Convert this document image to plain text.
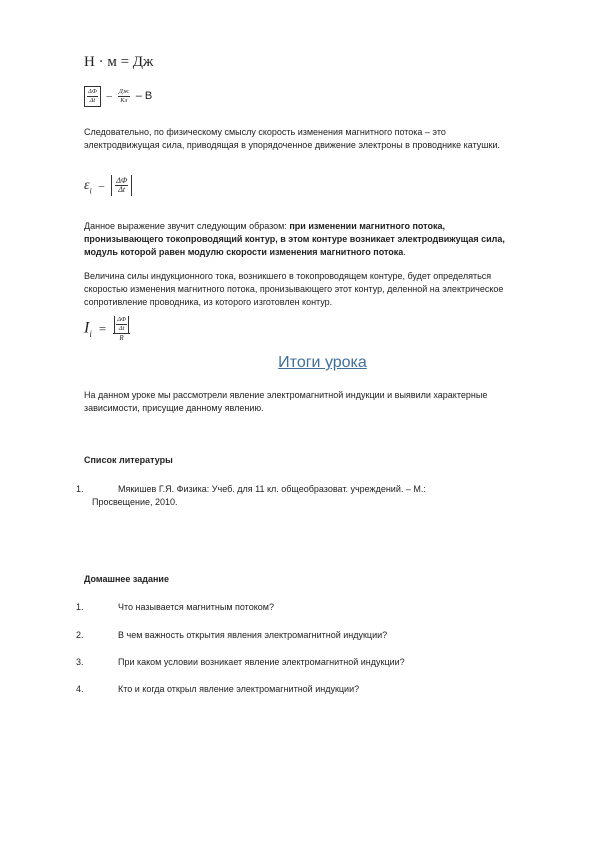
Н · м = Дж
$\frac{\Delta\Phi}{\Delta t} - \frac{Дж}{Кл}$ – В
Следовательно, по физическому смыслу скорость изменения магнитного потока – это электродвижущая сила, приводящая в упорядоченное движение электроны в проводнике катушки.
$\varepsilon_i - \frac{\Delta\Phi}{\Delta t}$
Данное выражение звучит следующим образом: при изменении магнитного потока, пронизывающего токопроводящий контур, в этом контуре возникает электродвижущая сила, модуль которой равен модулю скорости изменения магнитного потока.
Величина силы индукционного тока, возникшего в токопроводящем контуре, будет определяться скоростью изменения магнитного потока, пронизывающего этот контур, деленной на электрическое сопротивление проводника, из которого изготовлен контур.
$I_i = \frac{\frac{\Delta\Phi}{\Delta t}}{R}$
Итоги урока
На данном уроке мы рассмотрели явление электромагнитной индукции и выявили характерные зависимости, присущие данному явлению.
Список литературы
1.	Мякишев Г.Я. Физика: Учеб. для 11 кл. общеобразоват. учреждений. – М.:
Просвещение, 2010.
Домашнее задание
1.	Что называется магнитным потоком?
2.	В чем важность открытия явления электромагнитной индукции?
3.	При каком условии возникает явление электромагнитной индукции?
4.	Кто и когда открыл явление электромагнитной индукции?
